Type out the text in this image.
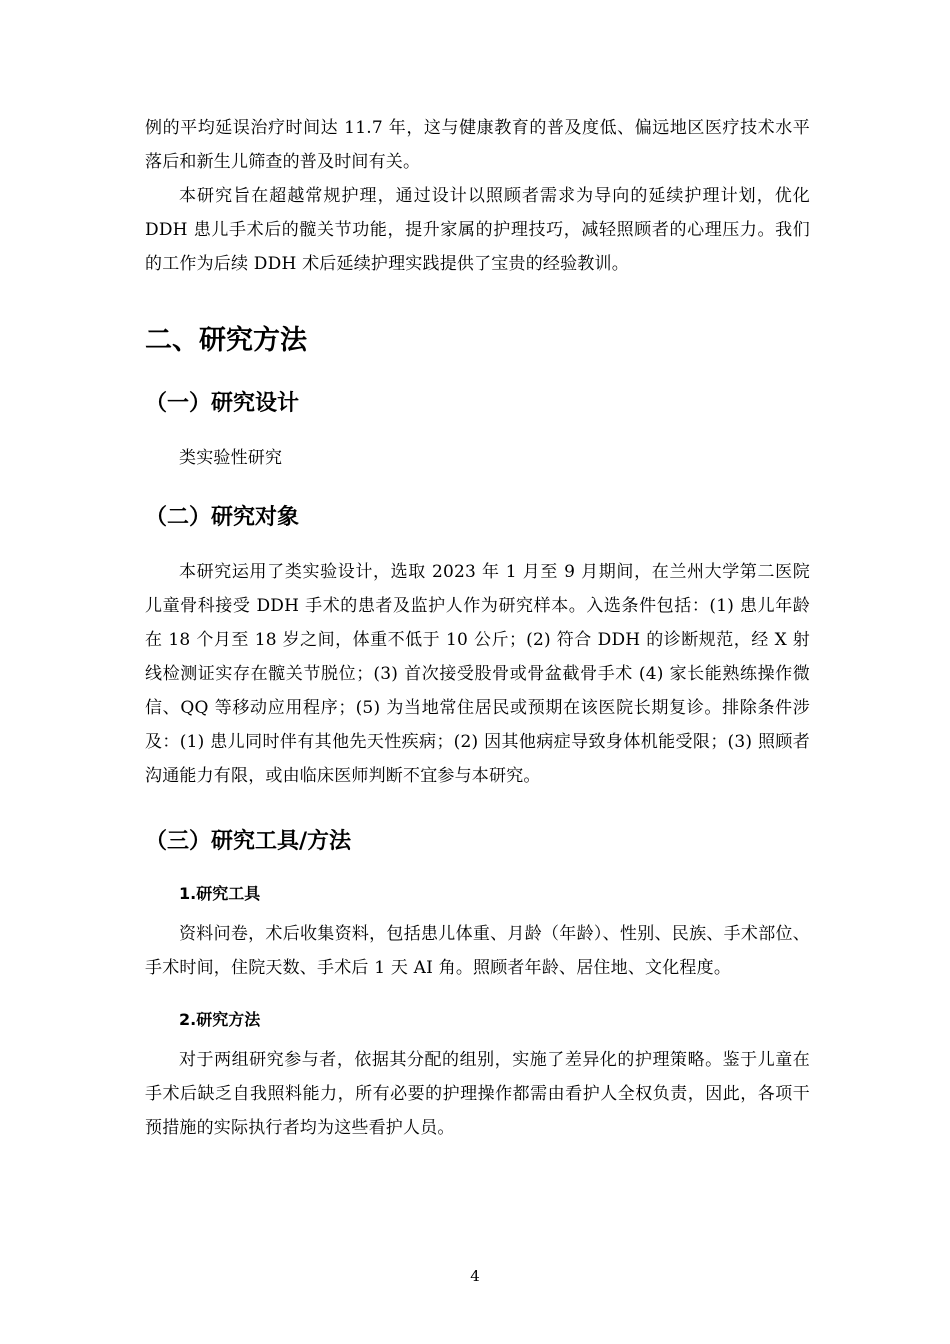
例的平均延误治疗时间达 11.7 年，这与健康教育的普及度低、偏远地区医疗技术水平落后和新生儿筛查的普及时间有关。

本研究旨在超越常规护理，通过设计以照顾者需求为导向的延续护理计划，优化 DDH 患儿手术后的髋关节功能，提升家属的护理技巧，减轻照顾者的心理压力。我们的工作为后续 DDH 术后延续护理实践提供了宝贵的经验教训。

二、研究方法
（一）研究设计

类实验性研究

（二）研究对象

本研究运用了类实验设计，选取 2023 年 1 月至 9 月期间，在兰州大学第二医院儿童骨科接受 DDH 手术的患者及监护人作为研究样本。入选条件包括：(1) 患儿年龄在 18 个月至 18 岁之间，体重不低于 10 公斤；(2) 符合 DDH 的诊断规范，经 X 射线检测证实存在髋关节脱位；(3) 首次接受股骨或骨盆截骨手术 (4) 家长能熟练操作微信、QQ 等移动应用程序；(5) 为当地常住居民或预期在该医院长期复诊。排除条件涉及：(1) 患儿同时伴有其他先天性疾病；(2) 因其他病症导致身体机能受限；(3) 照顾者沟通能力有限，或由临床医师判断不宜参与本研究。

（三）研究工具/方法
1.研究工具

资料问卷，术后收集资料，包括患儿体重、月龄（年龄）、性别、民族、手术部位、手术时间，住院天数、手术后 1 天 AI 角。照顾者年龄、居住地、文化程度。

2.研究方法

对于两组研究参与者，依据其分配的组别，实施了差异化的护理策略。鉴于儿童在手术后缺乏自我照料能力，所有必要的护理操作都需由看护人全权负责，因此，各项干预措施的实际执行者均为这些看护人员。

4
